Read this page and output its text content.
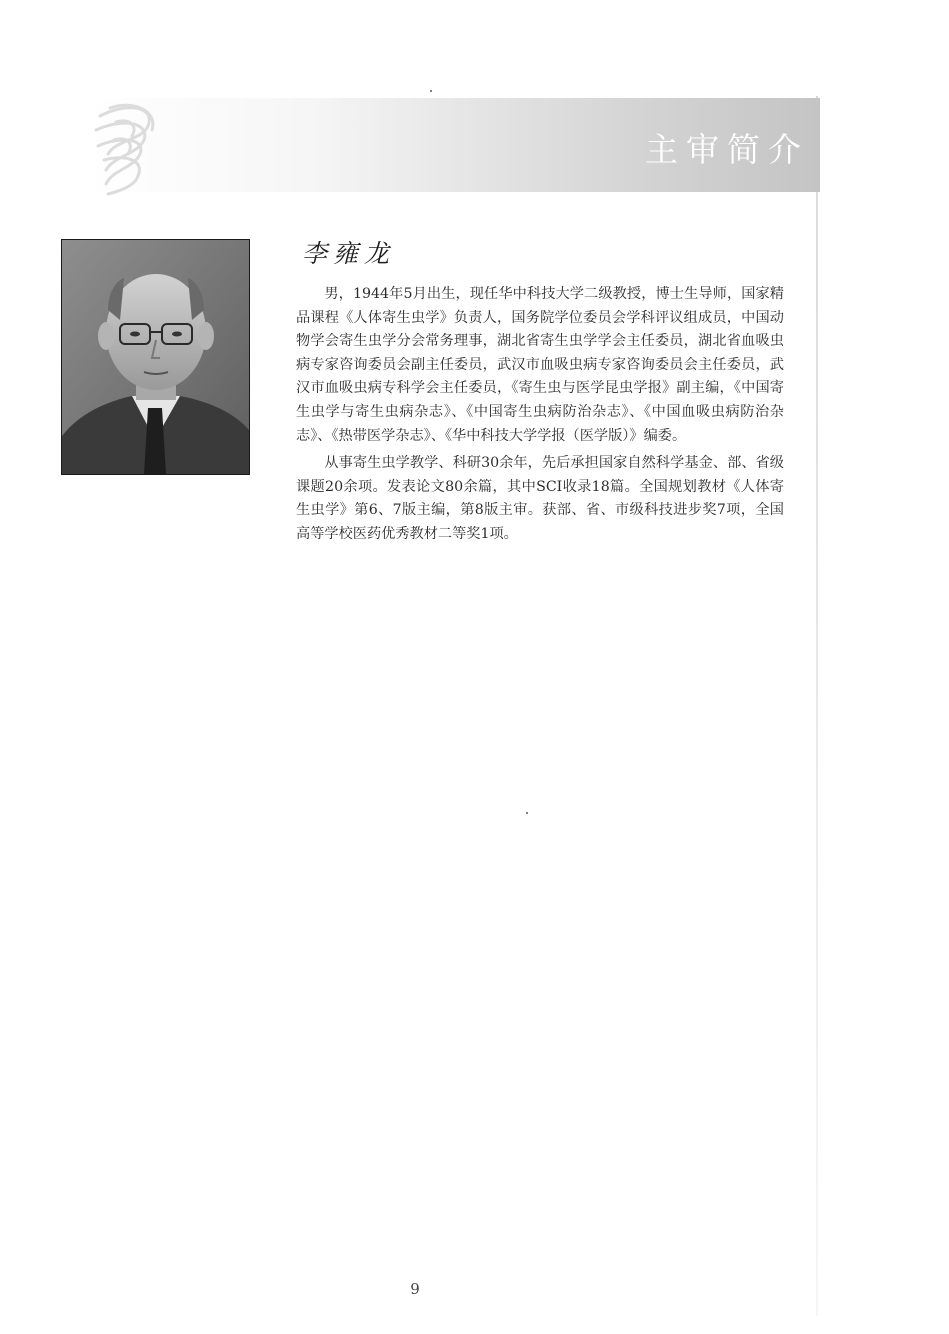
主审简介
李雍龙

男，1944年5月出生，现任华中科技大学二级教授，博士生导师，国家精品课程《人体寄生虫学》负责人，国务院学位委员会学科评议组成员，中国动物学会寄生虫学分会常务理事，湖北省寄生虫学学会主任委员，湖北省血吸虫病专家咨询委员会副主任委员，武汉市血吸虫病专家咨询委员会主任委员，武汉市血吸虫病专科学会主任委员，《寄生虫与医学昆虫学报》副主编，《中国寄生虫学与寄生虫病杂志》、《中国寄生虫病防治杂志》、《中国血吸虫病防治杂志》、《热带医学杂志》、《华中科技大学学报（医学版）》编委。

从事寄生虫学教学、科研30余年，先后承担国家自然科学基金、部、省级课题20余项。发表论文80余篇，其中SCI收录18篇。全国规划教材《人体寄生虫学》第6、7版主编，第8版主审。获部、省、市级科技进步奖7项，全国高等学校医药优秀教材二等奖1项。

9
